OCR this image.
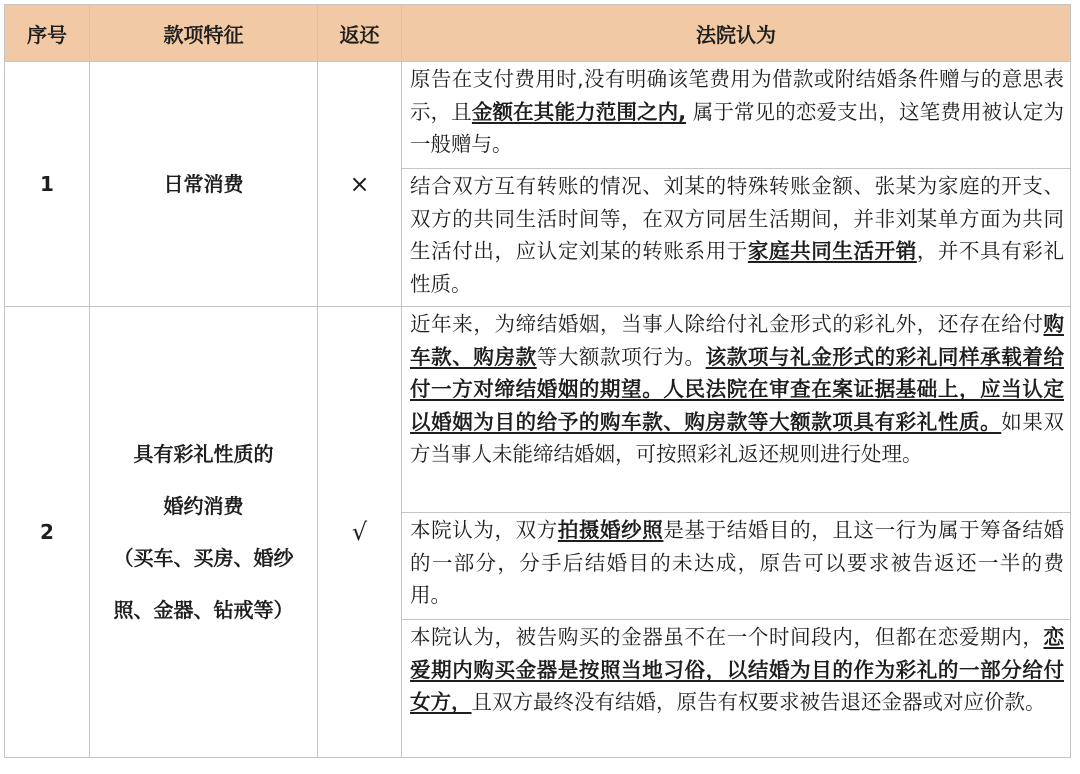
序号	款项特征	返还	法院认为
1	日常消费	×	原告在支付费用时,没有明确该笔费用为借款或附结婚条件赠与的意思表示，且金额在其能力范围之内, 属于常见的恋爱支出，这笔费用被认定为一般赠与。
			结合双方互有转账的情况、刘某的特殊转账金额、张某为家庭的开支、双方的共同生活时间等，在双方同居生活期间，并非刘某单方面为共同生活付出，应认定刘某的转账系用于家庭共同生活开销，并不具有彩礼性质。
2	具有彩礼性质的
婚约消费
（买车、买房、婚纱
照、金器、钻戒等）	√	近年来，为缔结婚姻，当事人除给付礼金形式的彩礼外，还存在给付购车款、购房款等大额款项行为。该款项与礼金形式的彩礼同样承载着给付一方对缔结婚姻的期望。人民法院在审查在案证据基础上，应当认定以婚姻为目的给予的购车款、购房款等大额款项具有彩礼性质。如果双方当事人未能缔结婚姻，可按照彩礼返还规则进行处理。
			本院认为，双方拍摄婚纱照是基于结婚目的，且这一行为属于筹备结婚的一部分，分手后结婚目的未达成，原告可以要求被告返还一半的费用。
			本院认为，被告购买的金器虽不在一个时间段内，但都在恋爱期内，恋爱期内购买金器是按照当地习俗，以结婚为目的作为彩礼的一部分给付女方，且双方最终没有结婚，原告有权要求被告退还金器或对应价款。
